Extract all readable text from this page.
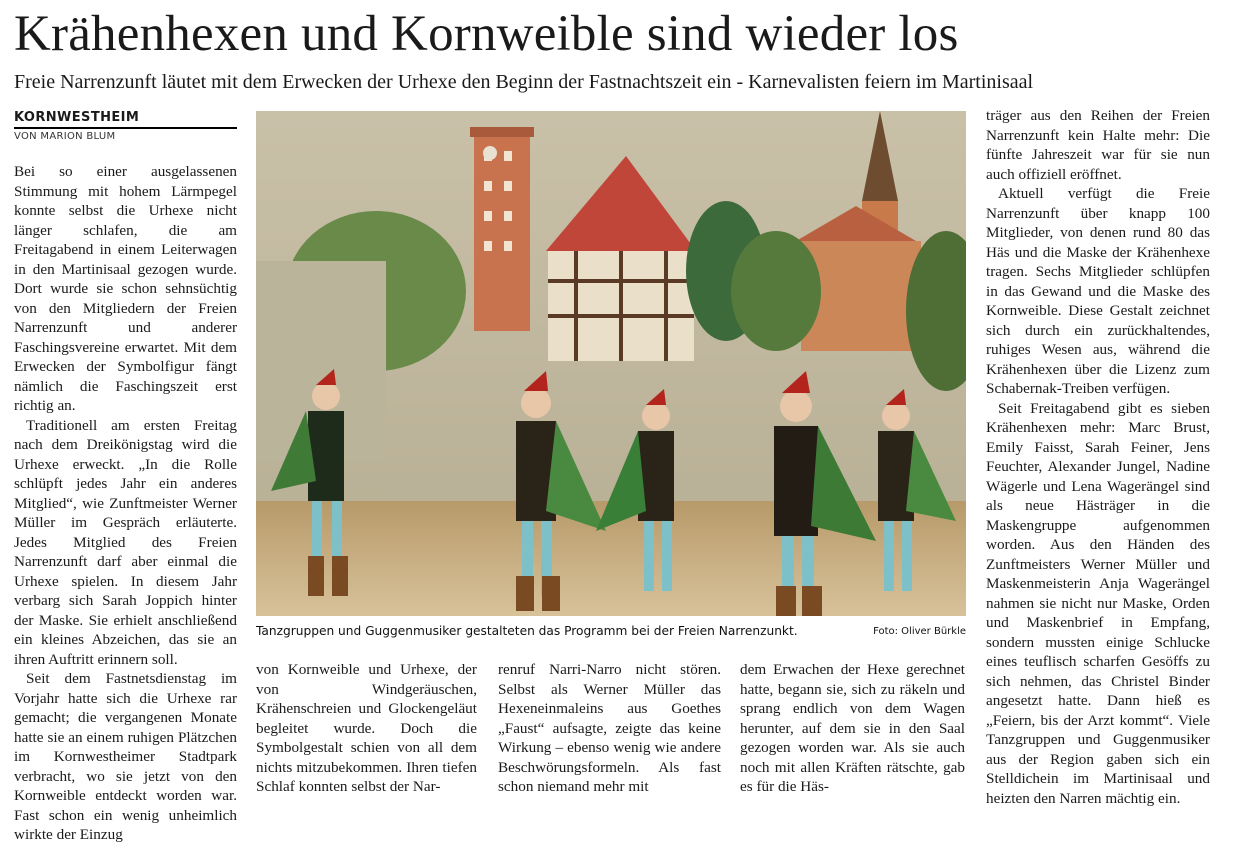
Krähenhexen und Kornweible sind wieder los
Freie Narrenzunft läutet mit dem Erwecken der Urhexe den Beginn der Fastnachtszeit ein - Karnevalisten feiern im Martinisaal
KORNWESTHEIM
VON MARION BLUM

Bei so einer ausgelassenen Stimmung mit hohem Lärmpegel konnte selbst die Urhexe nicht länger schlafen, die am Freitagabend in einem Leiterwagen in den Martinisaal gezogen wurde. Dort wurde sie schon sehnsüchtig von den Mitgliedern der Freien Narrenzunft und anderer Faschingsvereine erwartet. Mit dem Erwecken der Symbolfigur fängt nämlich die Faschingszeit erst richtig an.

Traditionell am ersten Freitag nach dem Dreikönigstag wird die Urhexe erweckt. „In die Rolle schlüpft jedes Jahr ein anderes Mitglied“, wie Zunftmeister Werner Müller im Gespräch erläuterte. Jedes Mitglied des Freien Narrenzunft darf aber einmal die Urhexe spielen. In diesem Jahr verbarg sich Sarah Joppich hinter der Maske. Sie erhielt anschließend ein kleines Abzeichen, das sie an ihren Auftritt erinnern soll.

Seit dem Fastnetsdienstag im Vorjahr hatte sich die Urhexe rar gemacht; die vergangenen Monate hatte sie an einem ruhigen Plätzchen im Kornwestheimer Stadtpark verbracht, wo sie jetzt von den Kornweible entdeckt worden war. Fast schon ein wenig unheimlich wirkte der Einzug

Tanzgruppen und Guggenmusiker gestalteten das Programm bei der Freien Narrenzunkt.	Foto: Oliver Bürkle

von Kornweible und Urhexe, der von Windgeräuschen, Krähenschreien und Glockengeläut begleitet wurde. Doch die Symbolgestalt schien von all dem nichts mitzubekommen. Ihren tiefen Schlaf konnten selbst der Nar-

renruf Narri-Narro nicht stören. Selbst als Werner Müller das Hexeneinmaleins aus Goethes „Faust“ aufsagte, zeigte das keine Wirkung – ebenso wenig wie andere Beschwörungsformeln. Als fast schon niemand mehr mit

dem Erwachen der Hexe gerechnet hatte, begann sie, sich zu räkeln und sprang endlich von dem Wagen herunter, auf dem sie in den Saal gezogen worden war. Als sie auch noch mit allen Kräften rätschte, gab es für die Häs-

träger aus den Reihen der Freien Narrenzunft kein Halte mehr: Die fünfte Jahreszeit war für sie nun auch offiziell eröffnet.

Aktuell verfügt die Freie Narrenzunft über knapp 100 Mitglieder, von denen rund 80 das Häs und die Maske der Krähenhexe tragen. Sechs Mitglieder schlüpfen in das Gewand und die Maske des Kornweible. Diese Gestalt zeichnet sich durch ein zurückhaltendes, ruhiges Wesen aus, während die Krähenhexen über die Lizenz zum Schabernak-Treiben verfügen.

Seit Freitagabend gibt es sieben Krähenhexen mehr: Marc Brust, Emily Faisst, Sarah Feiner, Jens Feuchter, Alexander Jungel, Nadine Wägerle und Lena Wagerängel sind als neue Hästräger in die Maskengruppe aufgenommen worden. Aus den Händen des Zunftmeisters Werner Müller und Maskenmeisterin Anja Wagerängel nahmen sie nicht nur Maske, Orden und Maskenbrief in Empfang, sondern mussten einige Schlucke eines teuflisch scharfen Gesöffs zu sich nehmen, das Christel Binder angesetzt hatte. Dann hieß es „Feiern, bis der Arzt kommt“. Viele Tanzgruppen und Guggenmusiker aus der Region gaben sich ein Stelldichein im Martinisaal und heizten den Narren mächtig ein.
